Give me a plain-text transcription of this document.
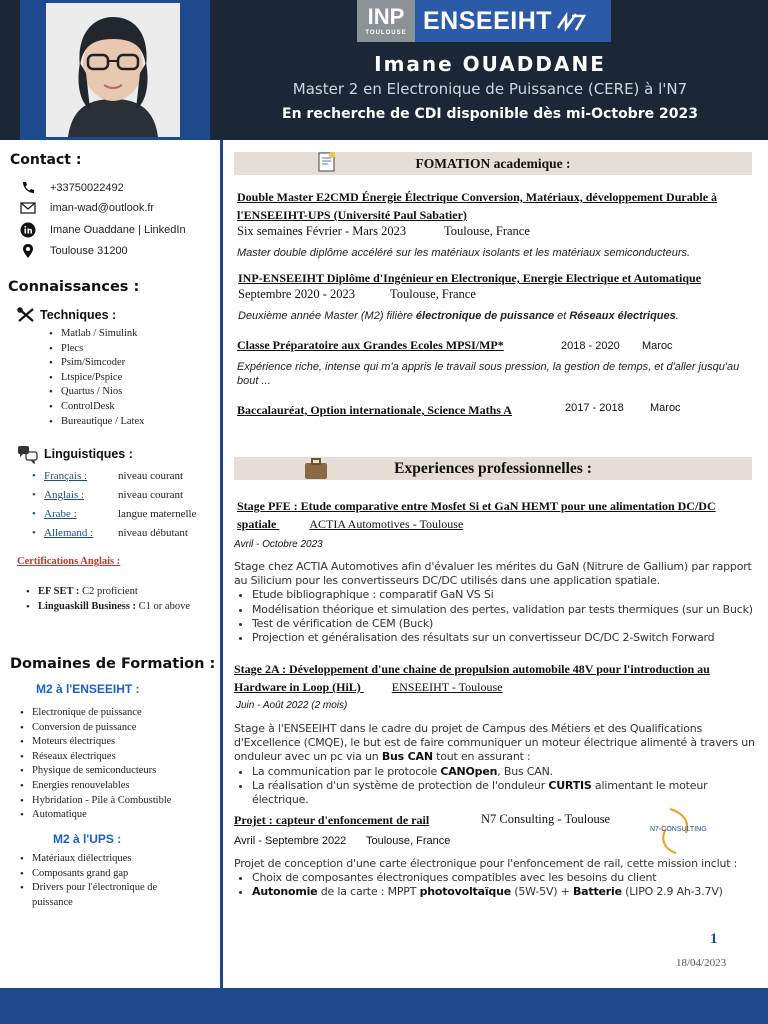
INP
TOULOUSE ENSEEIHT
Imane OUADDANE
Master 2 en Electronique de Puissance (CERE) à l'N7
En recherche de CDI disponible dès mi-Octobre 2023
Contact :
+33750022492
iman-wad@outlook.fr
Imane Ouaddane | LinkedIn
Toulouse 31200
Connaissances :
Techniques :
• Matlab / Simulink
• Plecs
• Psim/Simcoder
• Ltspice/Pspice
• Quartus / Nios
• ControlDesk
• Bureautique / Latex
Linguistiques :
• Français :	niveau courant
• Anglais :	niveau courant
• Arabe :	langue maternelle
• Allemand :	niveau débutant
Certifications Anglais :
• EF SET : C2 proficient
• Linguaskill Business : C1 or above
Domaines de Formation :
M2 à l'ENSEEIHT :
• Electronique de puissance
• Conversion de puissance
• Moteurs électriques
• Réseaux électriques
• Physique de semiconducteurs
• Energies renouvelables
• Hybridation - Pile à Combustible
• Automatique
M2 à l'UPS :
• Matériaux diélectriques
• Composants grand gap
• Drivers pour l'électronique de puissance
FOMATION academique :
Double Master E2CMD Énergie Électrique Conversion, Matériaux, développement Durable à l'ENSEEIHT-UPS (Université Paul Sabatier)
Six semaines Février - Mars 2023	Toulouse, France
Master double diplôme accéléré sur les matériaux isolants et les matériaux semiconducteurs.
INP-ENSEEIHT Diplôme d'Ingénieur en Electronique, Energie Electrique et Automatique
Septembre 2020 - 2023	Toulouse, France
Deuxième année Master (M2) filière électronique de puissance et Réseaux électriques.
Classe Préparatoire aux Grandes Ecoles MPSI/MP*	2018 - 2020 Maroc
Expérience riche, intense qui m'a appris le travail sous pression, la gestion de temps, et d'aller jusqu'au bout ...
Baccalauréat, Option internationale, Science Maths A	2017 - 2018 Maroc
Experiences professionnelles :
Stage PFE : Etude comparative entre Mosfet Si et GaN HEMT pour une alimentation DC/DC spatiale	ACTIA Automotives - Toulouse
Avril - Octobre 2023
Stage chez ACTIA Automotives afin d'évaluer les mérites du GaN (Nitrure de Gallium) par rapport au Silicium pour les convertisseurs DC/DC utilisés dans une application spatiale.
• Etude bibliographique : comparatif GaN VS Si
• Modélisation théorique et simulation des pertes, validation par tests thermiques (sur un Buck)
• Test de vérification de CEM (Buck)
• Projection et généralisation des résultats sur un convertisseur DC/DC 2-Switch Forward
Stage 2A : Développement d'une chaine de propulsion automobile 48V pour l'introduction au Hardware in Loop (HiL)	ENSEEIHT - Toulouse
Juin - Août 2022 (2 mois)
Stage à l'ENSEEIHT dans le cadre du projet de Campus des Métiers et des Qualifications d'Excellence (CMQE), le but est de faire communiquer un moteur électrique alimenté à travers un onduleur avec un pc via un Bus CAN tout en assurant :
• La communication par le protocole CANOpen, Bus CAN.
• La réalisation d'un système de protection de l'onduleur CURTIS alimentant le moteur électrique.
Projet : capteur d'enfoncement de rail	N7 Consulting - Toulouse
Avril - Septembre 2022 Toulouse, France
Projet de conception d'une carte électronique pour l'enfoncement de rail, cette mission inclut :
• Choix de composantes électroniques compatibles avec les besoins du client
• Autonomie de la carte : MPPT photovoltaïque (5W-5V) + Batterie (LIPO 2.9 Ah-3.7V)
N7-CONSULTING
1
18/04/2023
